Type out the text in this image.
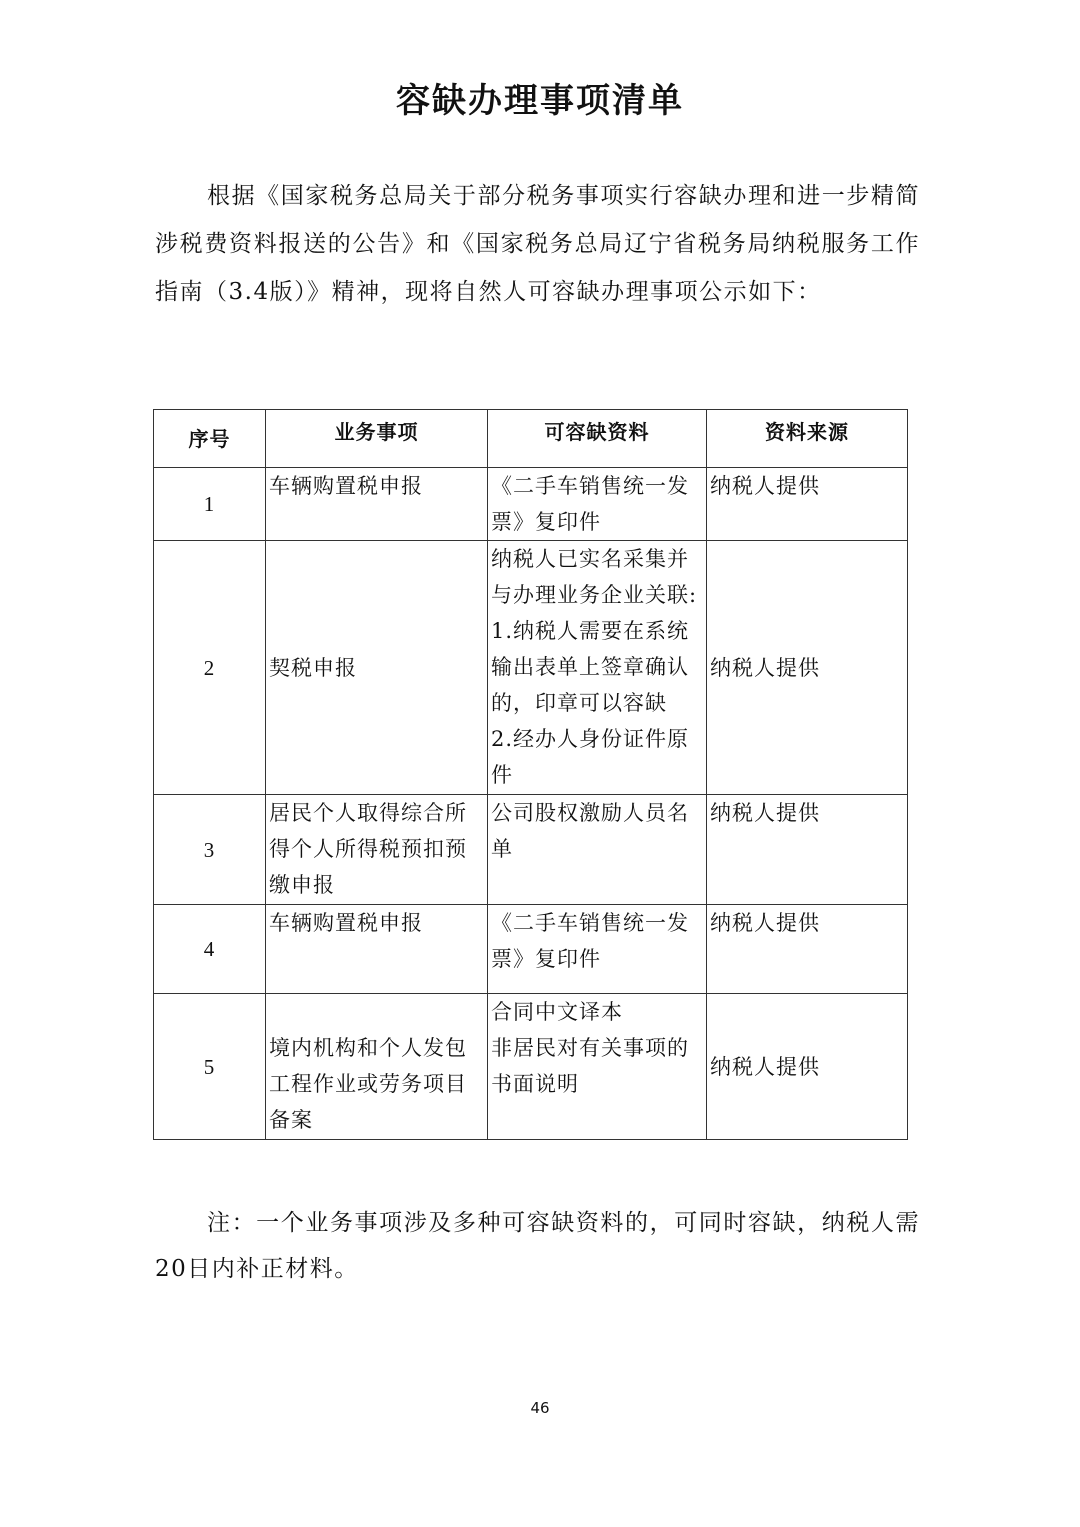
容缺办理事项清单

根据《国家税务总局关于部分税务事项实行容缺办理和进一步精简涉税费资料报送的公告》和《国家税务总局辽宁省税务局纳税服务工作指南（3.4版）》精神，现将自然人可容缺办理事项公示如下：

序号	业务事项	可容缺资料	资料来源
1	车辆购置税申报	《二手车销售统一发票》复印件	纳税人提供
2	契税申报	纳税人已实名采集并与办理业务企业关联:
1.纳税人需要在系统输出表单上签章确认的，印章可以容缺
2.经办人身份证件原件	纳税人提供
3	居民个人取得综合所得个人所得税预扣预缴申报	公司股权激励人员名单	纳税人提供
4	车辆购置税申报	《二手车销售统一发票》复印件	纳税人提供
5	境内机构和个人发包工程作业或劳务项目备案	合同中文译本
非居民对有关事项的书面说明	纳税人提供

注：一个业务事项涉及多种可容缺资料的，可同时容缺，纳税人需20日内补正材料。

46
